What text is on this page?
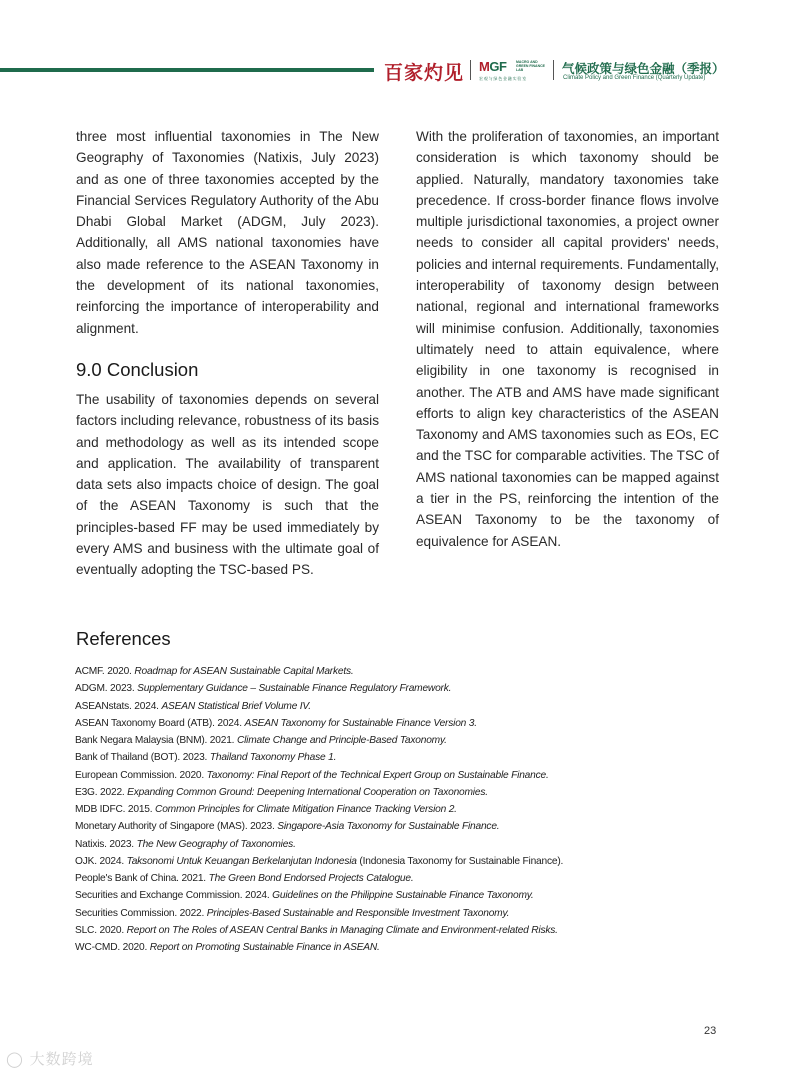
百家灼见 MGF	MACRO AND GREEN FINANCE LAB
宏观与绿色金融实验室
气候政策与绿色金融（季报）
Climate Policy and Green Finance (Quarterly Update)

three most influential taxonomies in The New Geography of Taxonomies (Natixis, July 2023) and as one of three taxonomies accepted by the Financial Services Regulatory Authority of the Abu Dhabi Global Market (ADGM, July 2023). Additionally, all AMS national taxonomies have also made reference to the ASEAN Taxonomy in the development of its national taxonomies, reinforcing the importance of interoperability and alignment.

9.0 Conclusion

The usability of taxonomies depends on several factors including relevance, robustness of its basis and methodology as well as its intended scope and application. The availability of transparent data sets also impacts choice of design. The goal of the ASEAN Taxonomy is such that the principles-based FF may be used immediately by every AMS and business with the ultimate goal of eventually adopting the TSC-based PS.

With the proliferation of taxonomies, an important consideration is which taxonomy should be applied. Naturally, mandatory taxonomies take precedence. If cross-border finance flows involve multiple jurisdictional taxonomies, a project owner needs to consider all capital providers' needs, policies and internal requirements. Fundamentally, interoperability of taxonomy design between national, regional and international frameworks will minimise confusion. Additionally, taxonomies ultimately need to attain equivalence, where eligibility in one taxonomy is recognised in another. The ATB and AMS have made significant efforts to align key characteristics of the ASEAN Taxonomy and AMS taxonomies such as EOs, EC and the TSC for comparable activities. The TSC of AMS national taxonomies can be mapped against a tier in the PS, reinforcing the intention of the ASEAN Taxonomy to be the taxonomy of equivalence for ASEAN.

References
ACMF. 2020. Roadmap for ASEAN Sustainable Capital Markets.
ADGM. 2023. Supplementary Guidance – Sustainable Finance Regulatory Framework.
ASEANstats. 2024. ASEAN Statistical Brief Volume IV.
ASEAN Taxonomy Board (ATB). 2024. ASEAN Taxonomy for Sustainable Finance Version 3.
Bank Negara Malaysia (BNM). 2021. Climate Change and Principle-Based Taxonomy.
Bank of Thailand (BOT). 2023. Thailand Taxonomy Phase 1.
European Commission. 2020. Taxonomy: Final Report of the Technical Expert Group on Sustainable Finance.
E3G. 2022. Expanding Common Ground: Deepening International Cooperation on Taxonomies.
MDB IDFC. 2015. Common Principles for Climate Mitigation Finance Tracking Version 2.
Monetary Authority of Singapore (MAS). 2023. Singapore-Asia Taxonomy for Sustainable Finance.
Natixis. 2023. The New Geography of Taxonomies.
OJK. 2024. Taksonomi Untuk Keuangan Berkelanjutan Indonesia (Indonesia Taxonomy for Sustainable Finance).
People's Bank of China. 2021. The Green Bond Endorsed Projects Catalogue.
Securities and Exchange Commission. 2024. Guidelines on the Philippine Sustainable Finance Taxonomy.
Securities Commission. 2022. Principles-Based Sustainable and Responsible Investment Taxonomy.
SLC. 2020. Report on The Roles of ASEAN Central Banks in Managing Climate and Environment-related Risks.
WC-CMD. 2020. Report on Promoting Sustainable Finance in ASEAN.
23
◯ 大数跨境
